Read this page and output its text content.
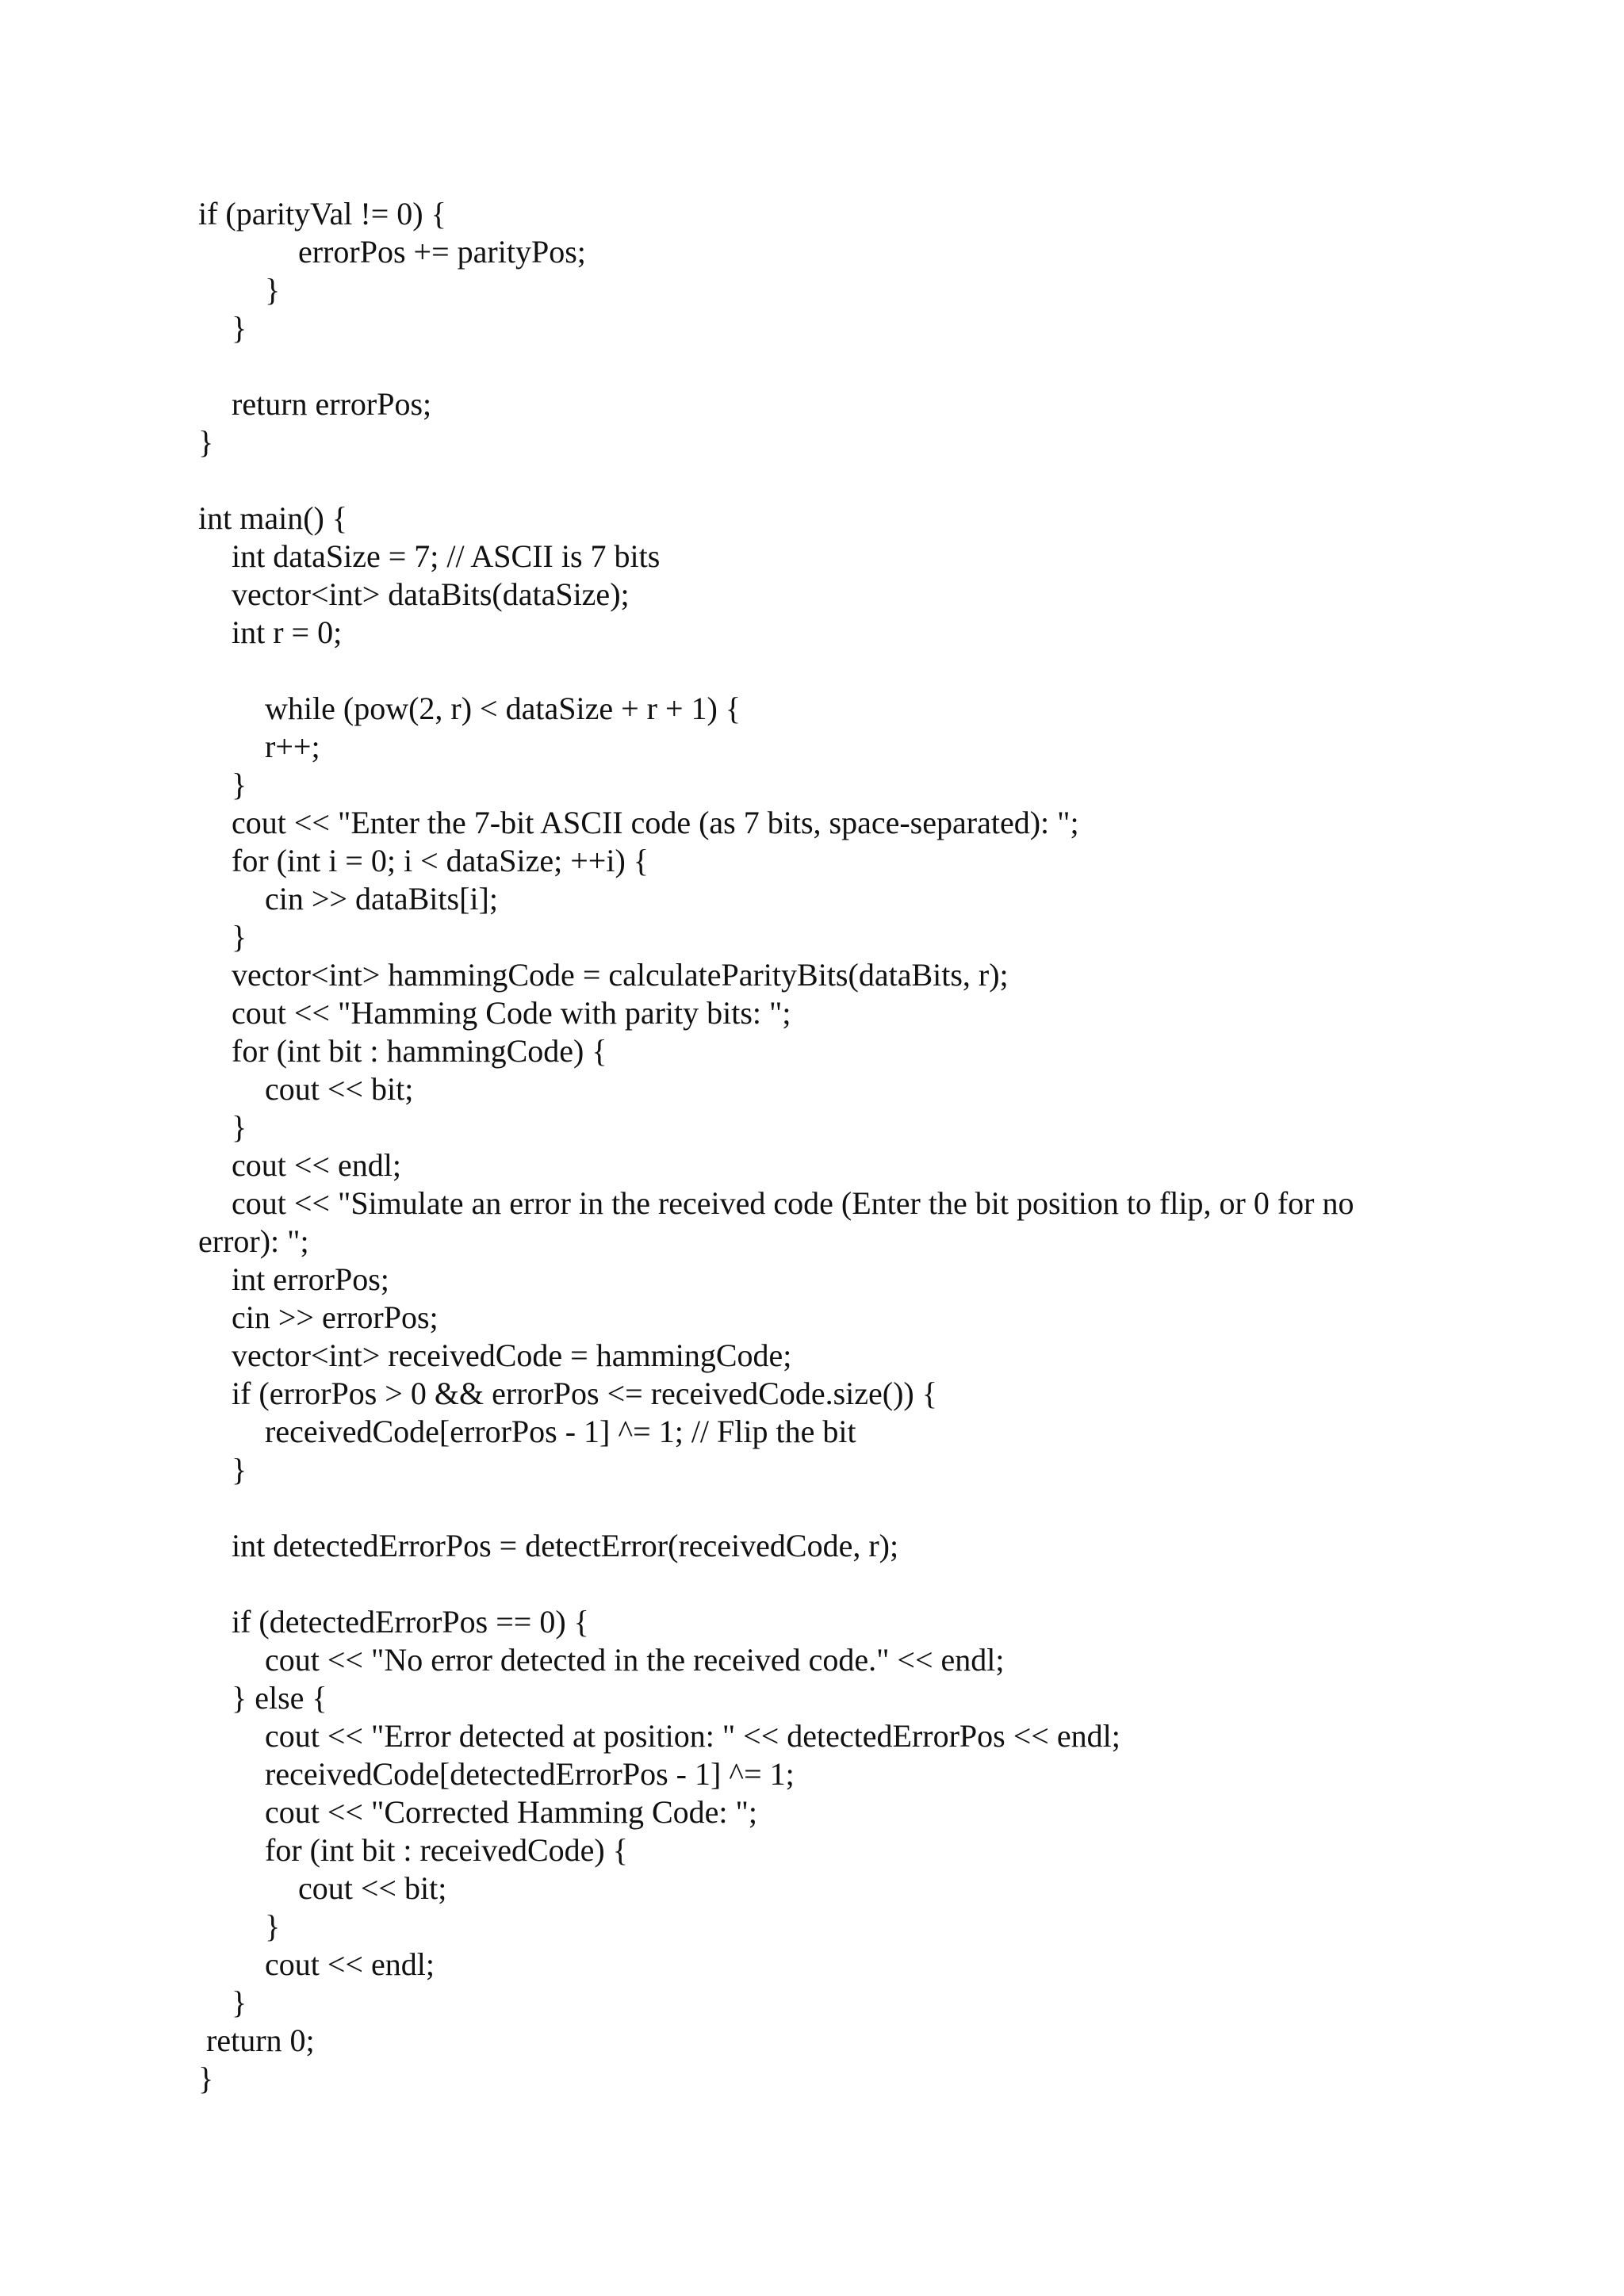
if (parityVal != 0) {
errorPos += parityPos;
}
}
return errorPos;
}
int main() {
int dataSize = 7; // ASCII is 7 bits
vector<int> dataBits(dataSize);
int r = 0;
while (pow(2, r) < dataSize + r + 1) {
r++;
}
cout << "Enter the 7-bit ASCII code (as 7 bits, space-separated): ";
for (int i = 0; i < dataSize; ++i) {
cin >> dataBits[i];
}
vector<int> hammingCode = calculateParityBits(dataBits, r);
cout << "Hamming Code with parity bits: ";
for (int bit : hammingCode) {
cout << bit;
}
cout << endl;
cout << "Simulate an error in the received code (Enter the bit position to flip, or 0 for no
error): ";
int errorPos;
cin >> errorPos;
vector<int> receivedCode = hammingCode;
if (errorPos > 0 && errorPos <= receivedCode.size()) {
receivedCode[errorPos - 1] ^= 1; // Flip the bit
}
int detectedErrorPos = detectError(receivedCode, r);
if (detectedErrorPos == 0) {
cout << "No error detected in the received code." << endl;
} else {
cout << "Error detected at position: " << detectedErrorPos << endl;
receivedCode[detectedErrorPos - 1] ^= 1;
cout << "Corrected Hamming Code: ";
for (int bit : receivedCode) {
cout << bit;
}
cout << endl;
}
return 0;
}
